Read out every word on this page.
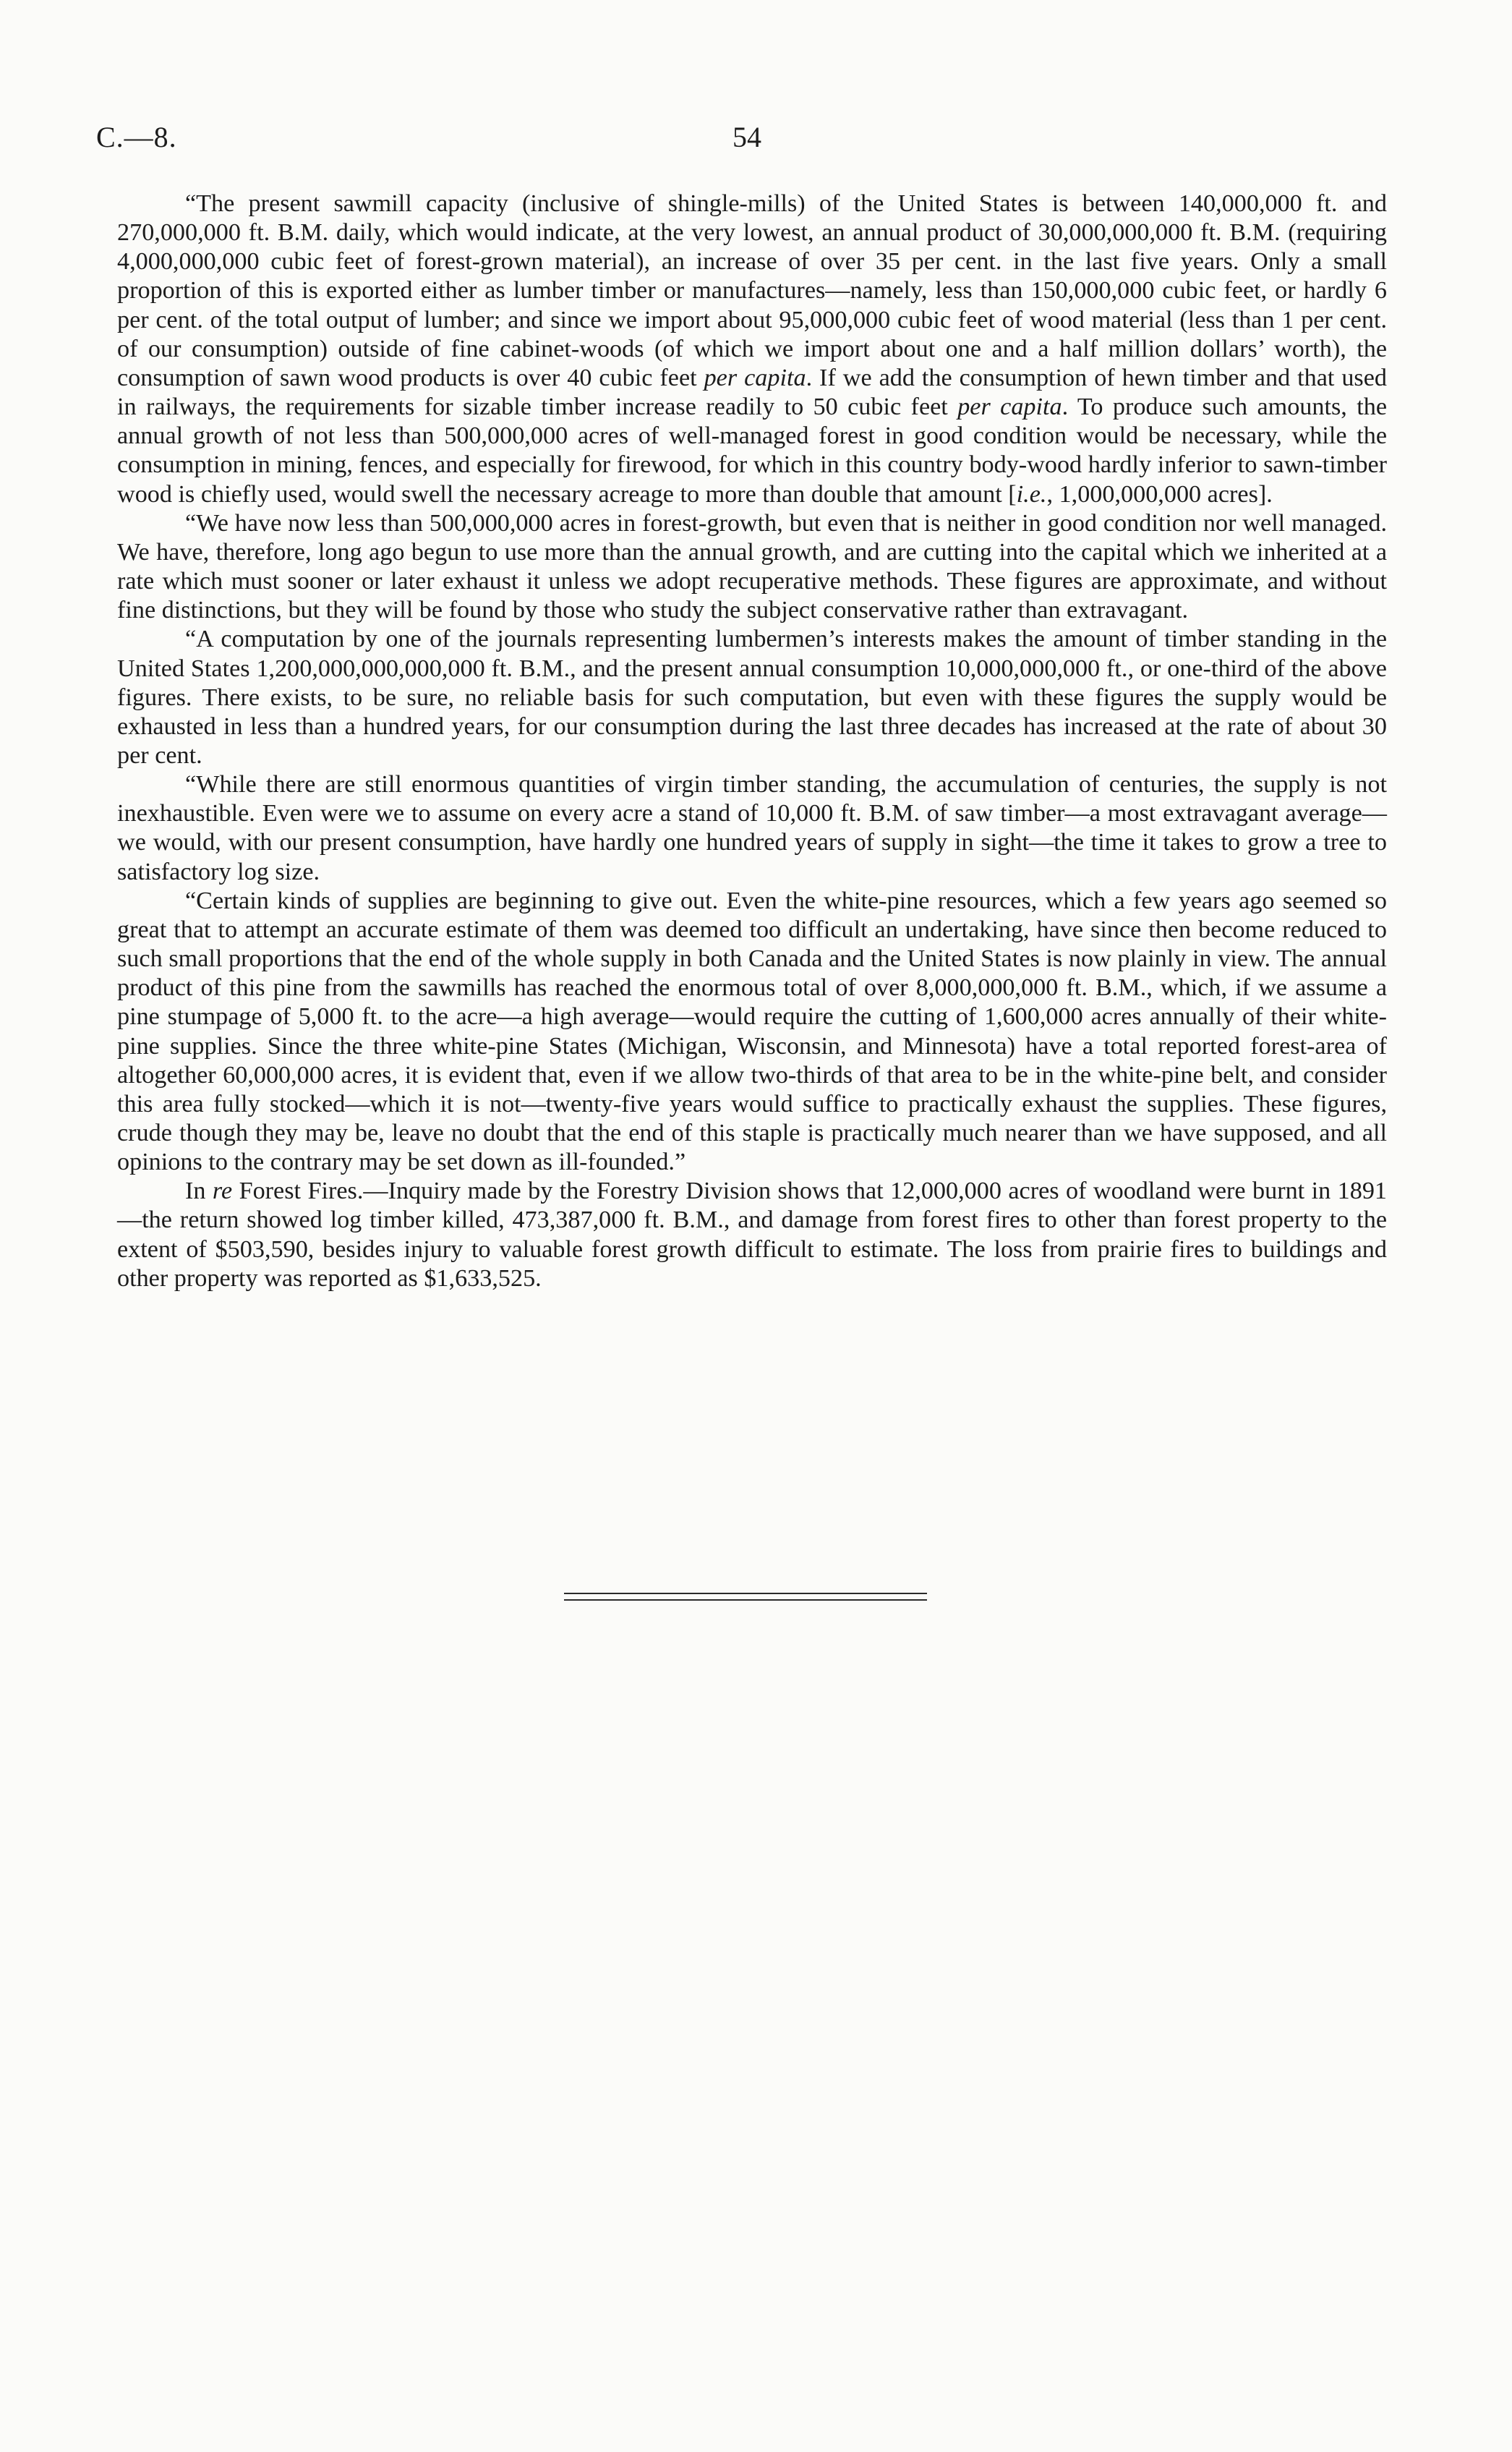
C.—8.	54

“The present sawmill capacity (inclusive of shingle-mills) of the United States is between 140,000,000 ft. and 270,000,000 ft. B.M. daily, which would indicate, at the very lowest, an annual product of 30,000,000,000 ft. B.M. (requiring 4,000,000,000 cubic feet of forest-grown material), an increase of over 35 per cent. in the last five years. Only a small proportion of this is exported either as lumber timber or manufactures—namely, less than 150,000,000 cubic feet, or hardly 6 per cent. of the total output of lumber; and since we import about 95,000,000 cubic feet of wood material (less than 1 per cent. of our consumption) outside of fine cabinet-woods (of which we import about one and a half million dollars’ worth), the consumption of sawn wood products is over 40 cubic feet per capita. If we add the consumption of hewn timber and that used in railways, the requirements for sizable timber increase readily to 50 cubic feet per capita. To produce such amounts, the annual growth of not less than 500,000,000 acres of well-managed forest in good condition would be necessary, while the consumption in mining, fences, and especially for firewood, for which in this country body-wood hardly inferior to sawn-timber wood is chiefly used, would swell the necessary acreage to more than double that amount [i.e., 1,000,000,000 acres].

“We have now less than 500,000,000 acres in forest-growth, but even that is neither in good condition nor well managed. We have, therefore, long ago begun to use more than the annual growth, and are cutting into the capital which we inherited at a rate which must sooner or later exhaust it unless we adopt recuperative methods. These figures are approximate, and without fine distinctions, but they will be found by those who study the subject conservative rather than extravagant.

“A computation by one of the journals representing lumbermen’s interests makes the amount of timber standing in the United States 1,200,000,000,000,000 ft. B.M., and the present annual consumption 10,000,000,000 ft., or one-third of the above figures. There exists, to be sure, no reliable basis for such computation, but even with these figures the supply would be exhausted in less than a hundred years, for our consumption during the last three decades has increased at the rate of about 30 per cent.

“While there are still enormous quantities of virgin timber standing, the accumulation of centuries, the supply is not inexhaustible. Even were we to assume on every acre a stand of 10,000 ft. B.M. of saw timber—a most extravagant average—we would, with our present consumption, have hardly one hundred years of supply in sight—the time it takes to grow a tree to satisfactory log size.

“Certain kinds of supplies are beginning to give out. Even the white-pine resources, which a few years ago seemed so great that to attempt an accurate estimate of them was deemed too difficult an undertaking, have since then become reduced to such small proportions that the end of the whole supply in both Canada and the United States is now plainly in view. The annual product of this pine from the sawmills has reached the enormous total of over 8,000,000,000 ft. B.M., which, if we assume a pine stumpage of 5,000 ft. to the acre—a high average—would require the cutting of 1,600,000 acres annually of their white-pine supplies. Since the three white-pine States (Michigan, Wisconsin, and Minnesota) have a total reported forest-area of altogether 60,000,000 acres, it is evident that, even if we allow two-thirds of that area to be in the white-pine belt, and consider this area fully stocked—which it is not—twenty-five years would suffice to practically exhaust the supplies. These figures, crude though they may be, leave no doubt that the end of this staple is practically much nearer than we have supposed, and all opinions to the contrary may be set down as ill-founded.”

In re Forest Fires.—Inquiry made by the Forestry Division shows that 12,000,000 acres of woodland were burnt in 1891—the return showed log timber killed, 473,387,000 ft. B.M., and damage from forest fires to other than forest property to the extent of $503,590, besides injury to valuable forest growth difficult to estimate. The loss from prairie fires to buildings and other property was reported as $1,633,525.
